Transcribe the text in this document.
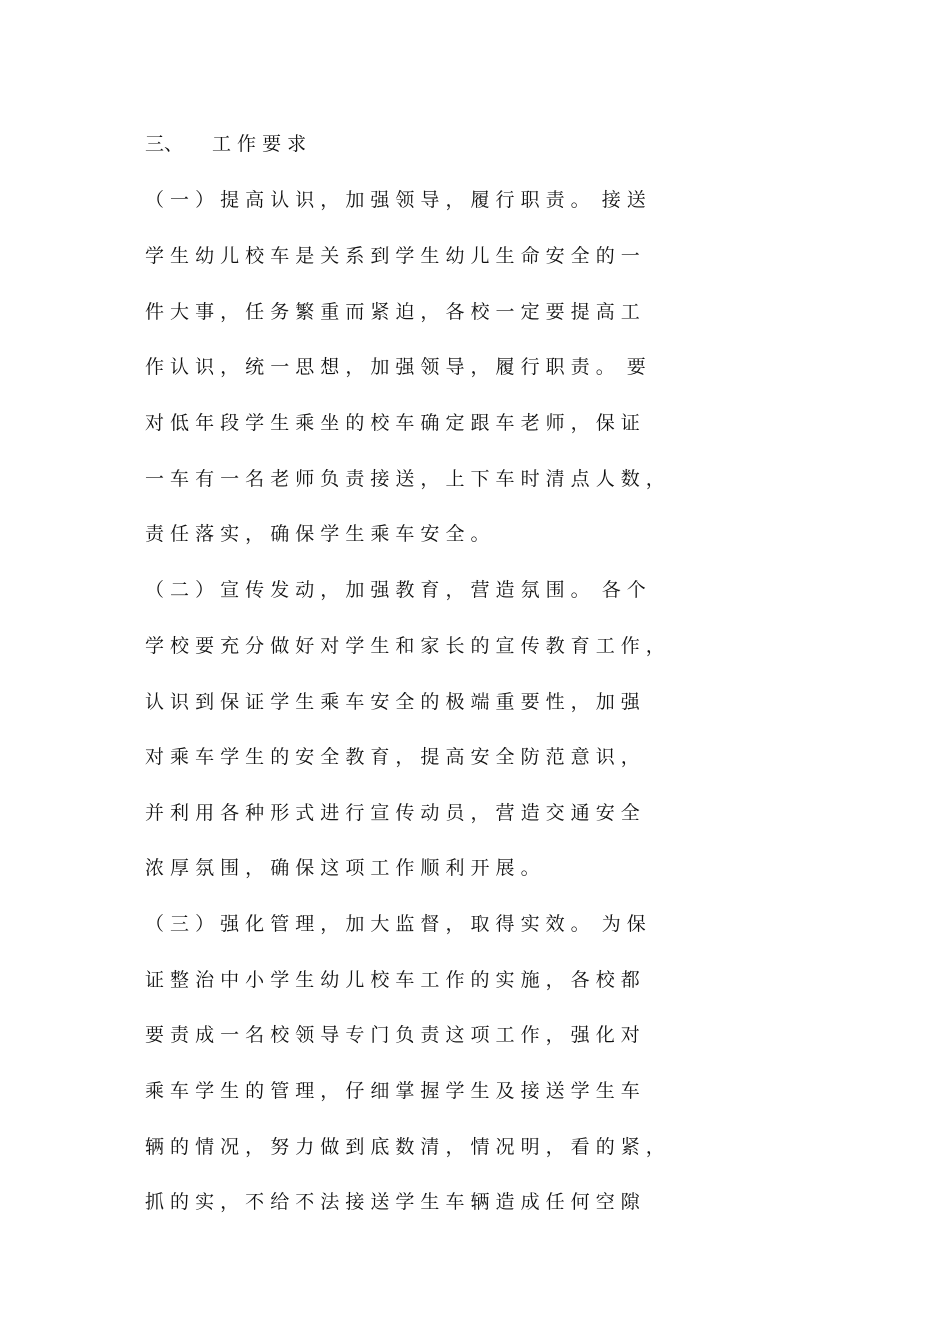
三、 工 作 要 求
（ 一 ） 提 高 认 识 ， 加 强 领 导 ， 履 行 职 责 。  接 送
学 生 幼 儿 校 车 是 关 系 到 学 生 幼 儿 生 命 安 全 的 一
件 大 事 ， 任 务 繁 重 而 紧 迫 ， 各 校 一 定 要 提 高 工
作 认 识 ， 统 一 思 想 ， 加 强 领 导 ， 履 行 职 责 。  要
对 低 年 段 学 生 乘 坐 的 校 车 确 定 跟 车 老 师 ， 保 证
一 车 有 一 名 老 师 负 责 接 送 ， 上 下 车 时 清 点 人 数 ，
责 任 落 实 ， 确 保 学 生 乘 车 安 全 。
（ 二 ） 宣 传 发 动 ， 加 强 教 育 ， 营 造 氛 围 。  各 个
学 校 要 充 分 做 好 对 学 生 和 家 长 的 宣 传 教 育 工 作 ，
认 识 到 保 证 学 生 乘 车 安 全 的 极 端 重 要 性 ， 加 强
对 乘 车 学 生 的 安 全 教 育 ， 提 高 安 全 防 范 意 识 ，
并 利 用 各 种 形 式 进 行 宣 传 动 员 ， 营 造 交 通 安 全
浓 厚 氛 围 ， 确 保 这 项 工 作 顺 利 开 展 。
（ 三 ） 强 化 管 理 ， 加 大 监 督 ， 取 得 实 效 。  为 保
证 整 治 中 小 学 生 幼 儿 校 车 工 作 的 实 施 ， 各 校 都
要 责 成 一 名 校 领 导 专 门 负 责 这 项 工 作 ， 强 化 对
乘 车 学 生 的 管 理 ， 仔 细 掌 握 学 生 及 接 送 学 生 车
辆 的 情 况 ， 努 力 做 到 底 数 清 ， 情 况 明 ， 看 的 紧 ，
抓 的 实 ， 不 给 不 法 接 送 学 生 车 辆 造 成 任 何 空 隙
